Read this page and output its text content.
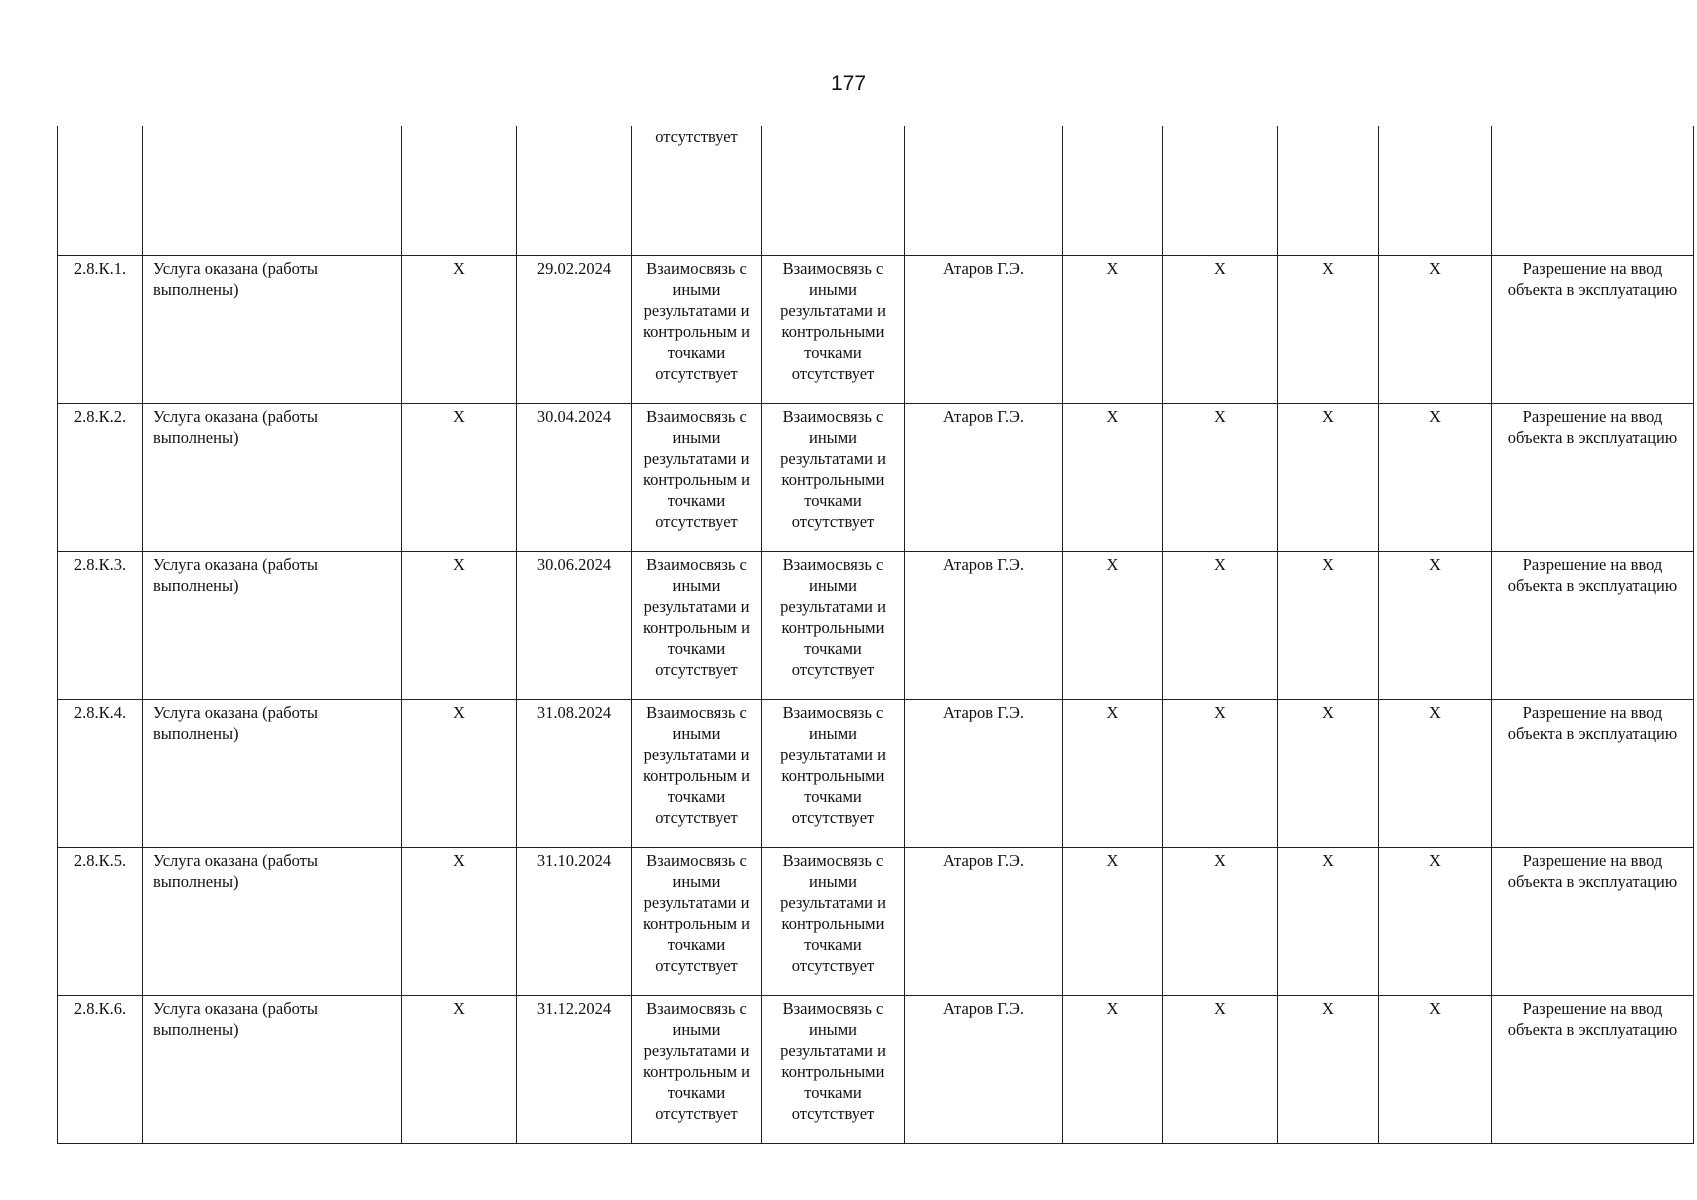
177
				отсутствует							
2.8.К.1.	Услуга оказана (работы выполнены)	Х	29.02.2024	Взаимосвязь с иными результатами и контрольным и точками отсутствует	Взаимосвязь с иными результатами и контрольными точками отсутствует	Атаров Г.Э.	Х	Х	Х	Х	Разрешение на ввод объекта в эксплуатацию
2.8.К.2.	Услуга оказана (работы выполнены)	Х	30.04.2024	Взаимосвязь с иными результатами и контрольным и точками отсутствует	Взаимосвязь с иными результатами и контрольными точками отсутствует	Атаров Г.Э.	Х	Х	Х	Х	Разрешение на ввод объекта в эксплуатацию
2.8.К.3.	Услуга оказана (работы выполнены)	Х	30.06.2024	Взаимосвязь с иными результатами и контрольным и точками отсутствует	Взаимосвязь с иными результатами и контрольными точками отсутствует	Атаров Г.Э.	Х	Х	Х	Х	Разрешение на ввод объекта в эксплуатацию
2.8.К.4.	Услуга оказана (работы выполнены)	Х	31.08.2024	Взаимосвязь с иными результатами и контрольным и точками отсутствует	Взаимосвязь с иными результатами и контрольными точками отсутствует	Атаров Г.Э.	Х	Х	Х	Х	Разрешение на ввод объекта в эксплуатацию
2.8.К.5.	Услуга оказана (работы выполнены)	Х	31.10.2024	Взаимосвязь с иными результатами и контрольным и точками отсутствует	Взаимосвязь с иными результатами и контрольными точками отсутствует	Атаров Г.Э.	Х	Х	Х	Х	Разрешение на ввод объекта в эксплуатацию
2.8.К.6.	Услуга оказана (работы выполнены)	Х	31.12.2024	Взаимосвязь с иными результатами и контрольным и точками отсутствует	Взаимосвязь с иными результатами и контрольными точками отсутствует	Атаров Г.Э.	Х	Х	Х	Х	Разрешение на ввод объекта в эксплуатацию
